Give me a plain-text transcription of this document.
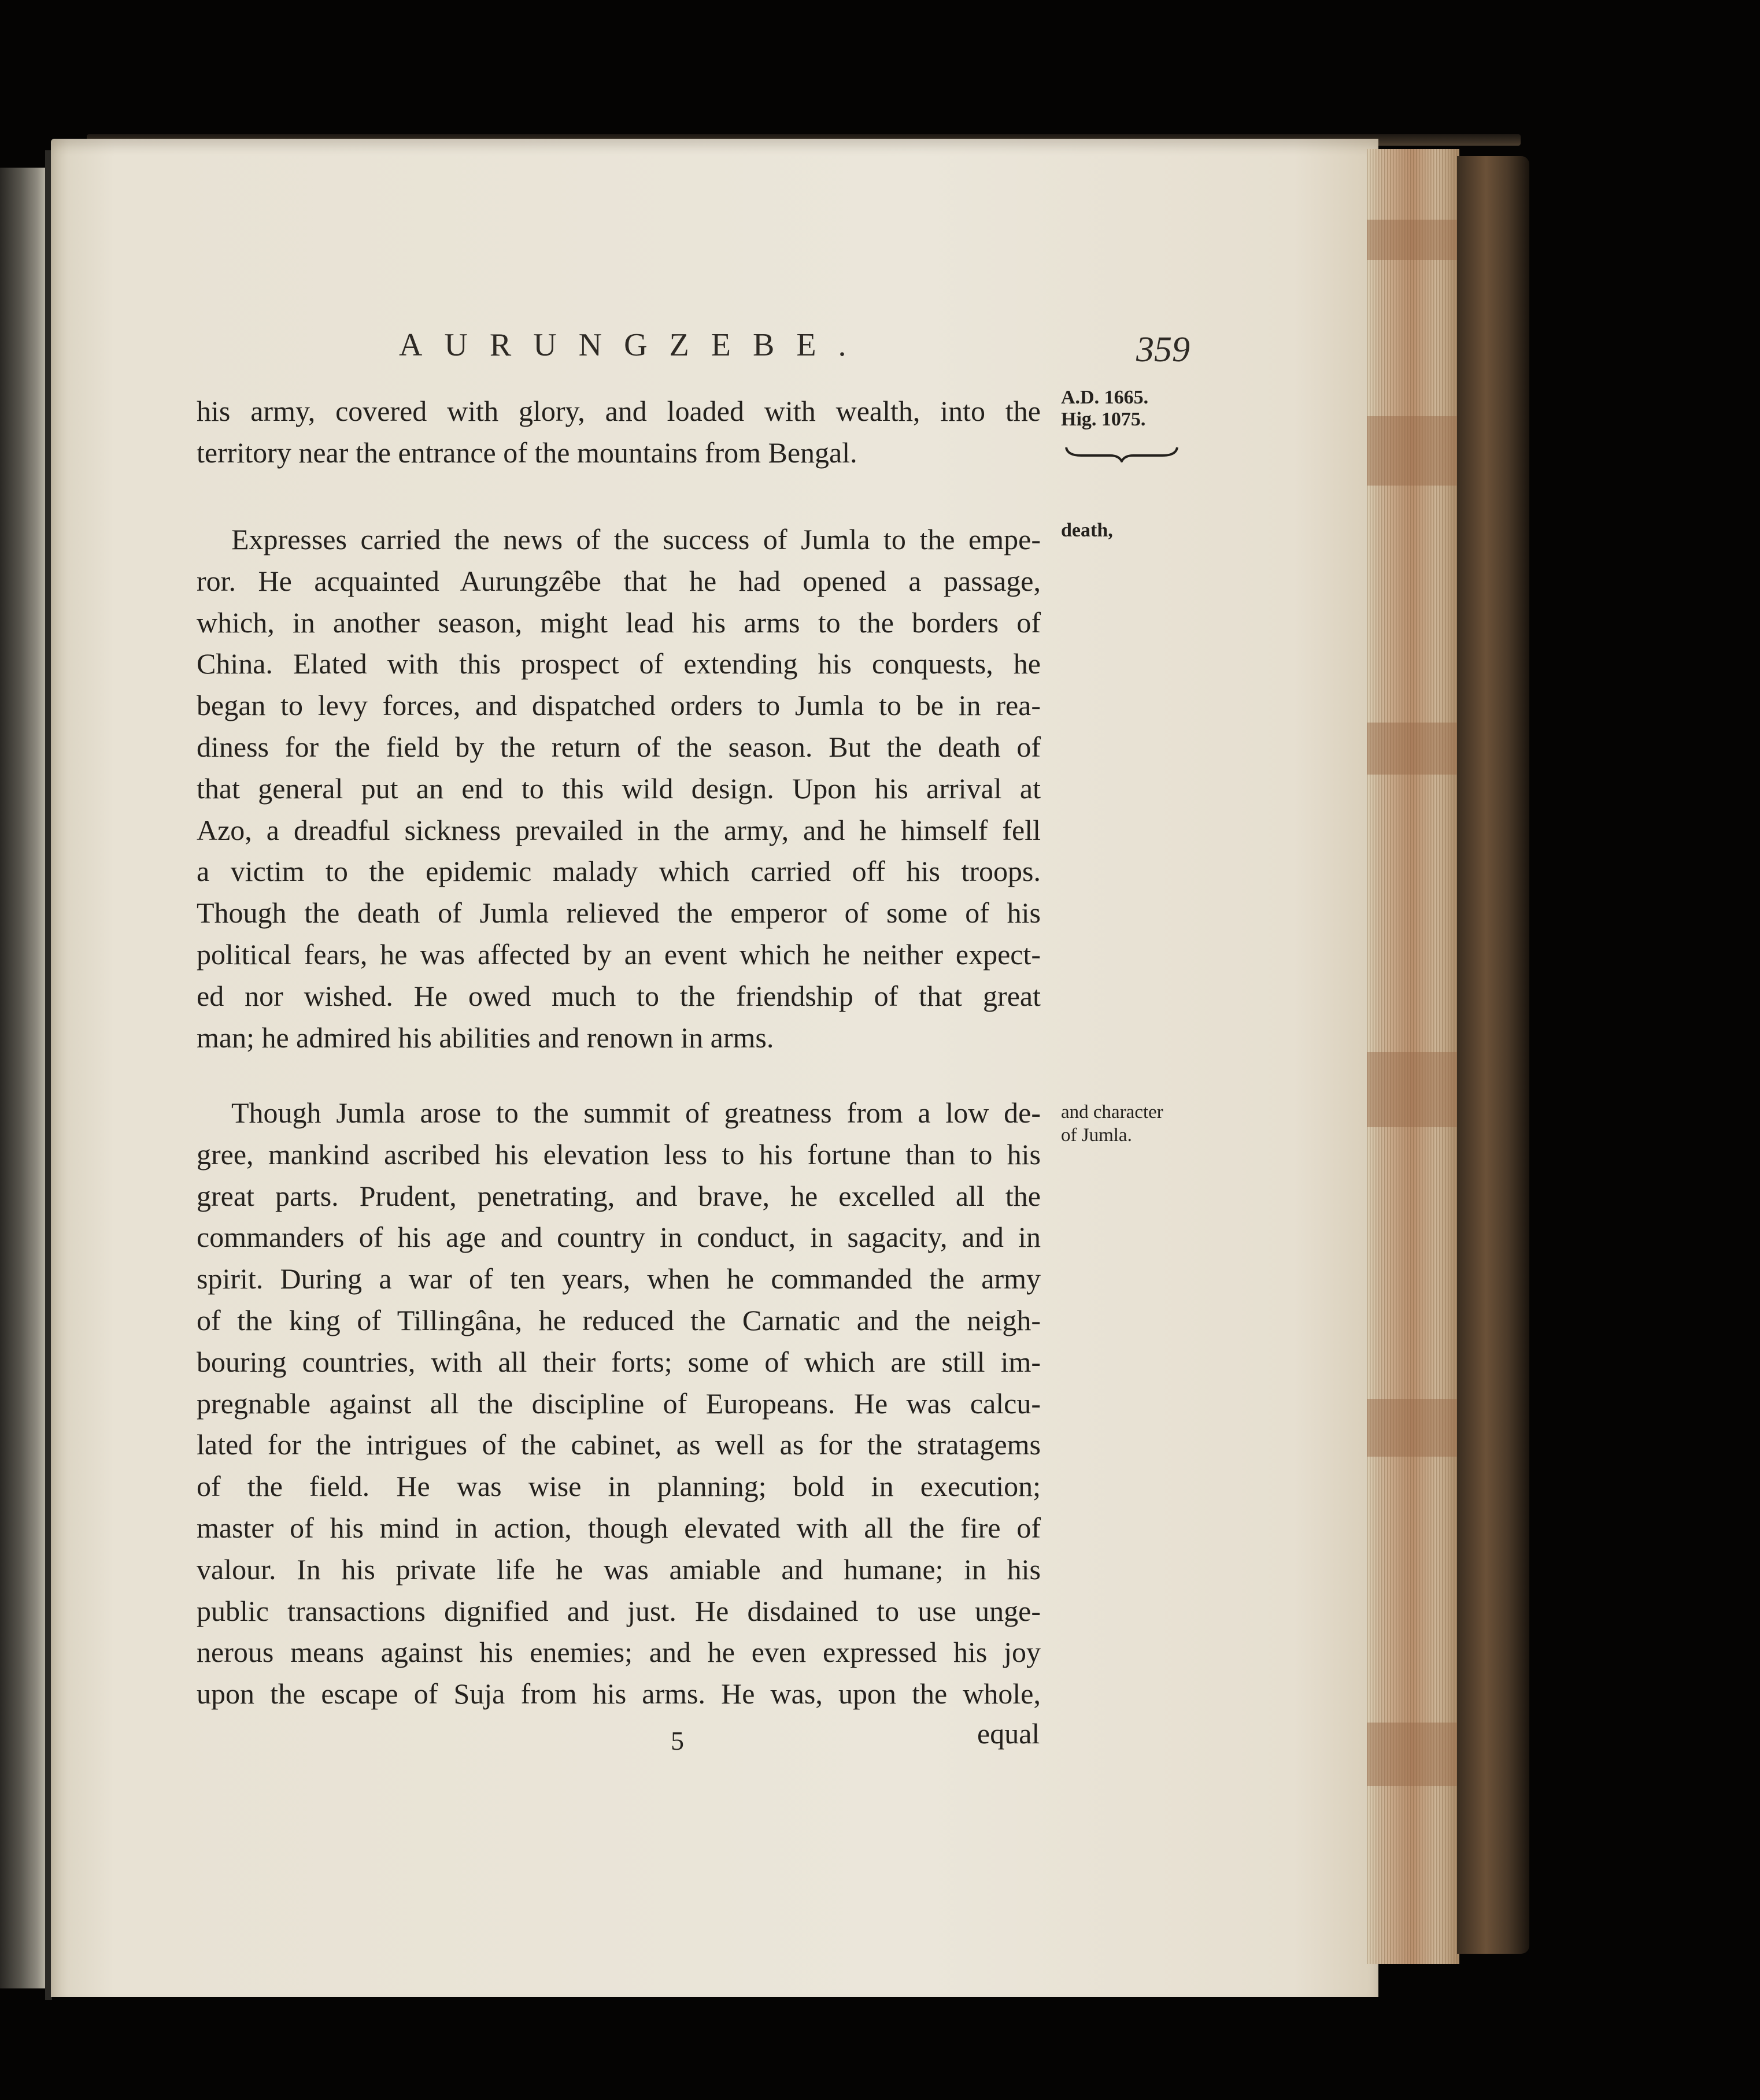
AURUNGZEBE.	359
A.D. 1665.
Hig. 1075.
death,
and character
of Jumla.
his army, covered with glory, and loaded with wealth, into the
territory near the entrance of the mountains from Bengal.
Expresses carried the news of the success of Jumla to the empe-
ror. He acquainted Aurungzêbe that he had opened a passage,
which, in another season, might lead his arms to the borders of
China. Elated with this prospect of extending his conquests, he
began to levy forces, and dispatched orders to Jumla to be in rea-
diness for the field by the return of the season. But the death of
that general put an end to this wild design. Upon his arrival at
Azo, a dreadful sickness prevailed in the army, and he himself fell
a victim to the epidemic malady which carried off his troops.
Though the death of Jumla relieved the emperor of some of his
political fears, he was affected by an event which he neither expect-
ed nor wished. He owed much to the friendship of that great
man; he admired his abilities and renown in arms.
Though Jumla arose to the summit of greatness from a low de-
gree, mankind ascribed his elevation less to his fortune than to his
great parts. Prudent, penetrating, and brave, he excelled all the
commanders of his age and country in conduct, in sagacity, and in
spirit. During a war of ten years, when he commanded the army
of the king of Tillingâna, he reduced the Carnatic and the neigh-
bouring countries, with all their forts; some of which are still im-
pregnable against all the discipline of Europeans. He was calcu-
lated for the intrigues of the cabinet, as well as for the stratagems
of the field. He was wise in planning; bold in execution;
master of his mind in action, though elevated with all the fire of
valour. In his private life he was amiable and humane; in his
public transactions dignified and just. He disdained to use unge-
nerous means against his enemies; and he even expressed his joy
upon the escape of Suja from his arms. He was, upon the whole,
5	equal
